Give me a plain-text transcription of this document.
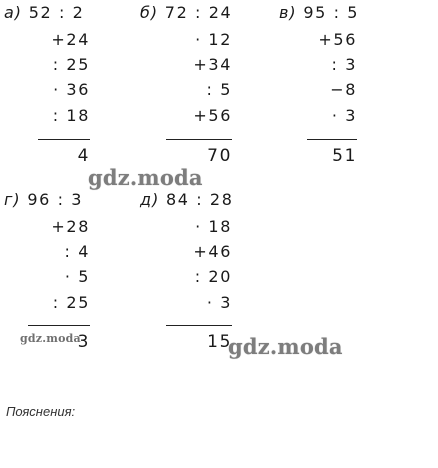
а) 52 : 2
+24
: 25
· 36
: 18
4
б) 72 : 24
· 12
+34
: 5
+56
70
в) 95 : 5
+56
: 3
−8
· 3
51
г) 96 : 3
+28
: 4
· 5
: 25
3
д) 84 : 28
· 18
+46
: 20
· 3
15
gdz.moda
gdz.moda	gdz.moda
Пояснения:
